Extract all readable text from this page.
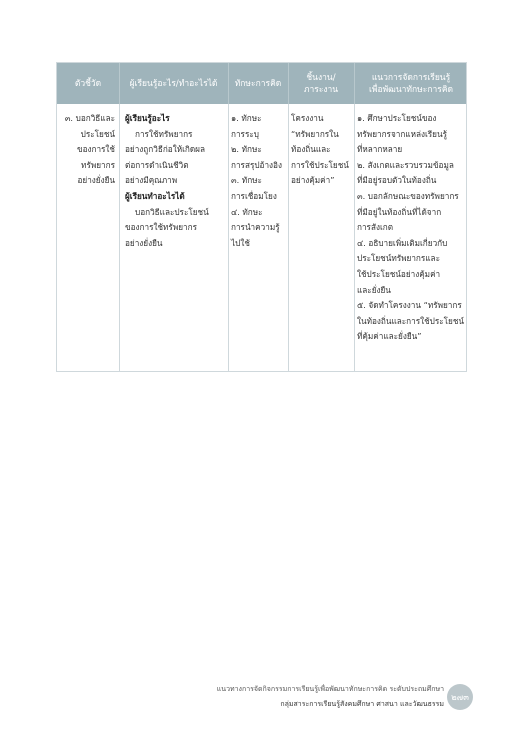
ตัวชี้วัด	ผู้เรียนรู้อะไร/ทำอะไรได้ ทักษะการคิด
ชิ้นงาน/
ภาระงาน
แนวการจัดการเรียนรู้
เพื่อพัฒนาทักษะการคิด
๓. บอกวิธีและ
ประโยชน์
ของการใช้
ทรัพยากร
อย่างยั่งยืน
ผู้เรียนรู้อะไร
การใช้ทรัพยากร
อย่างถูกวิธีก่อให้เกิดผล
ต่อการดำเนินชีวิต
อย่างมีคุณภาพ
ผู้เรียนทำอะไรได้
บอกวิธีและประโยชน์
ของการใช้ทรัพยากร
อย่างยั่งยืน
๑. ทักษะ
การระบุ
๒. ทักษะ
การสรุปอ้างอิง
๓. ทักษะ
การเชื่อมโยง
๔. ทักษะ
การนำความรู้
ไปใช้
โครงงาน
“ทรัพยากรใน
ท้องถิ่นและ
การใช้ประโยชน์
อย่างคุ้มค่า”
๑. ศึกษาประโยชน์ของ
ทรัพยากรจากแหล่งเรียนรู้
ที่หลากหลาย
๒. สังเกตและรวบรวมข้อมูล
ที่มีอยู่รอบตัวในท้องถิ่น
๓. บอกลักษณะของทรัพยากร
ที่มีอยู่ในท้องถิ่นที่ได้จาก
การสังเกต
๔. อธิบายเพิ่มเติมเกี่ยวกับ
ประโยชน์ทรัพยากรและ
ใช้ประโยชน์อย่างคุ้มค่า
และยั่งยืน
๕. จัดทำโครงงาน “ทรัพยากร
ในท้องถิ่นและการใช้ประโยชน์
ที่คุ้มค่าและยั่งยืน”
แนวทางการจัดกิจกรรมการเรียนรู้เพื่อพัฒนาทักษะการคิด ระดับประถมศึกษา
กลุ่มสาระการเรียนรู้สังคมศึกษา ศาสนา และวัฒนธรรม
๒๗๓
